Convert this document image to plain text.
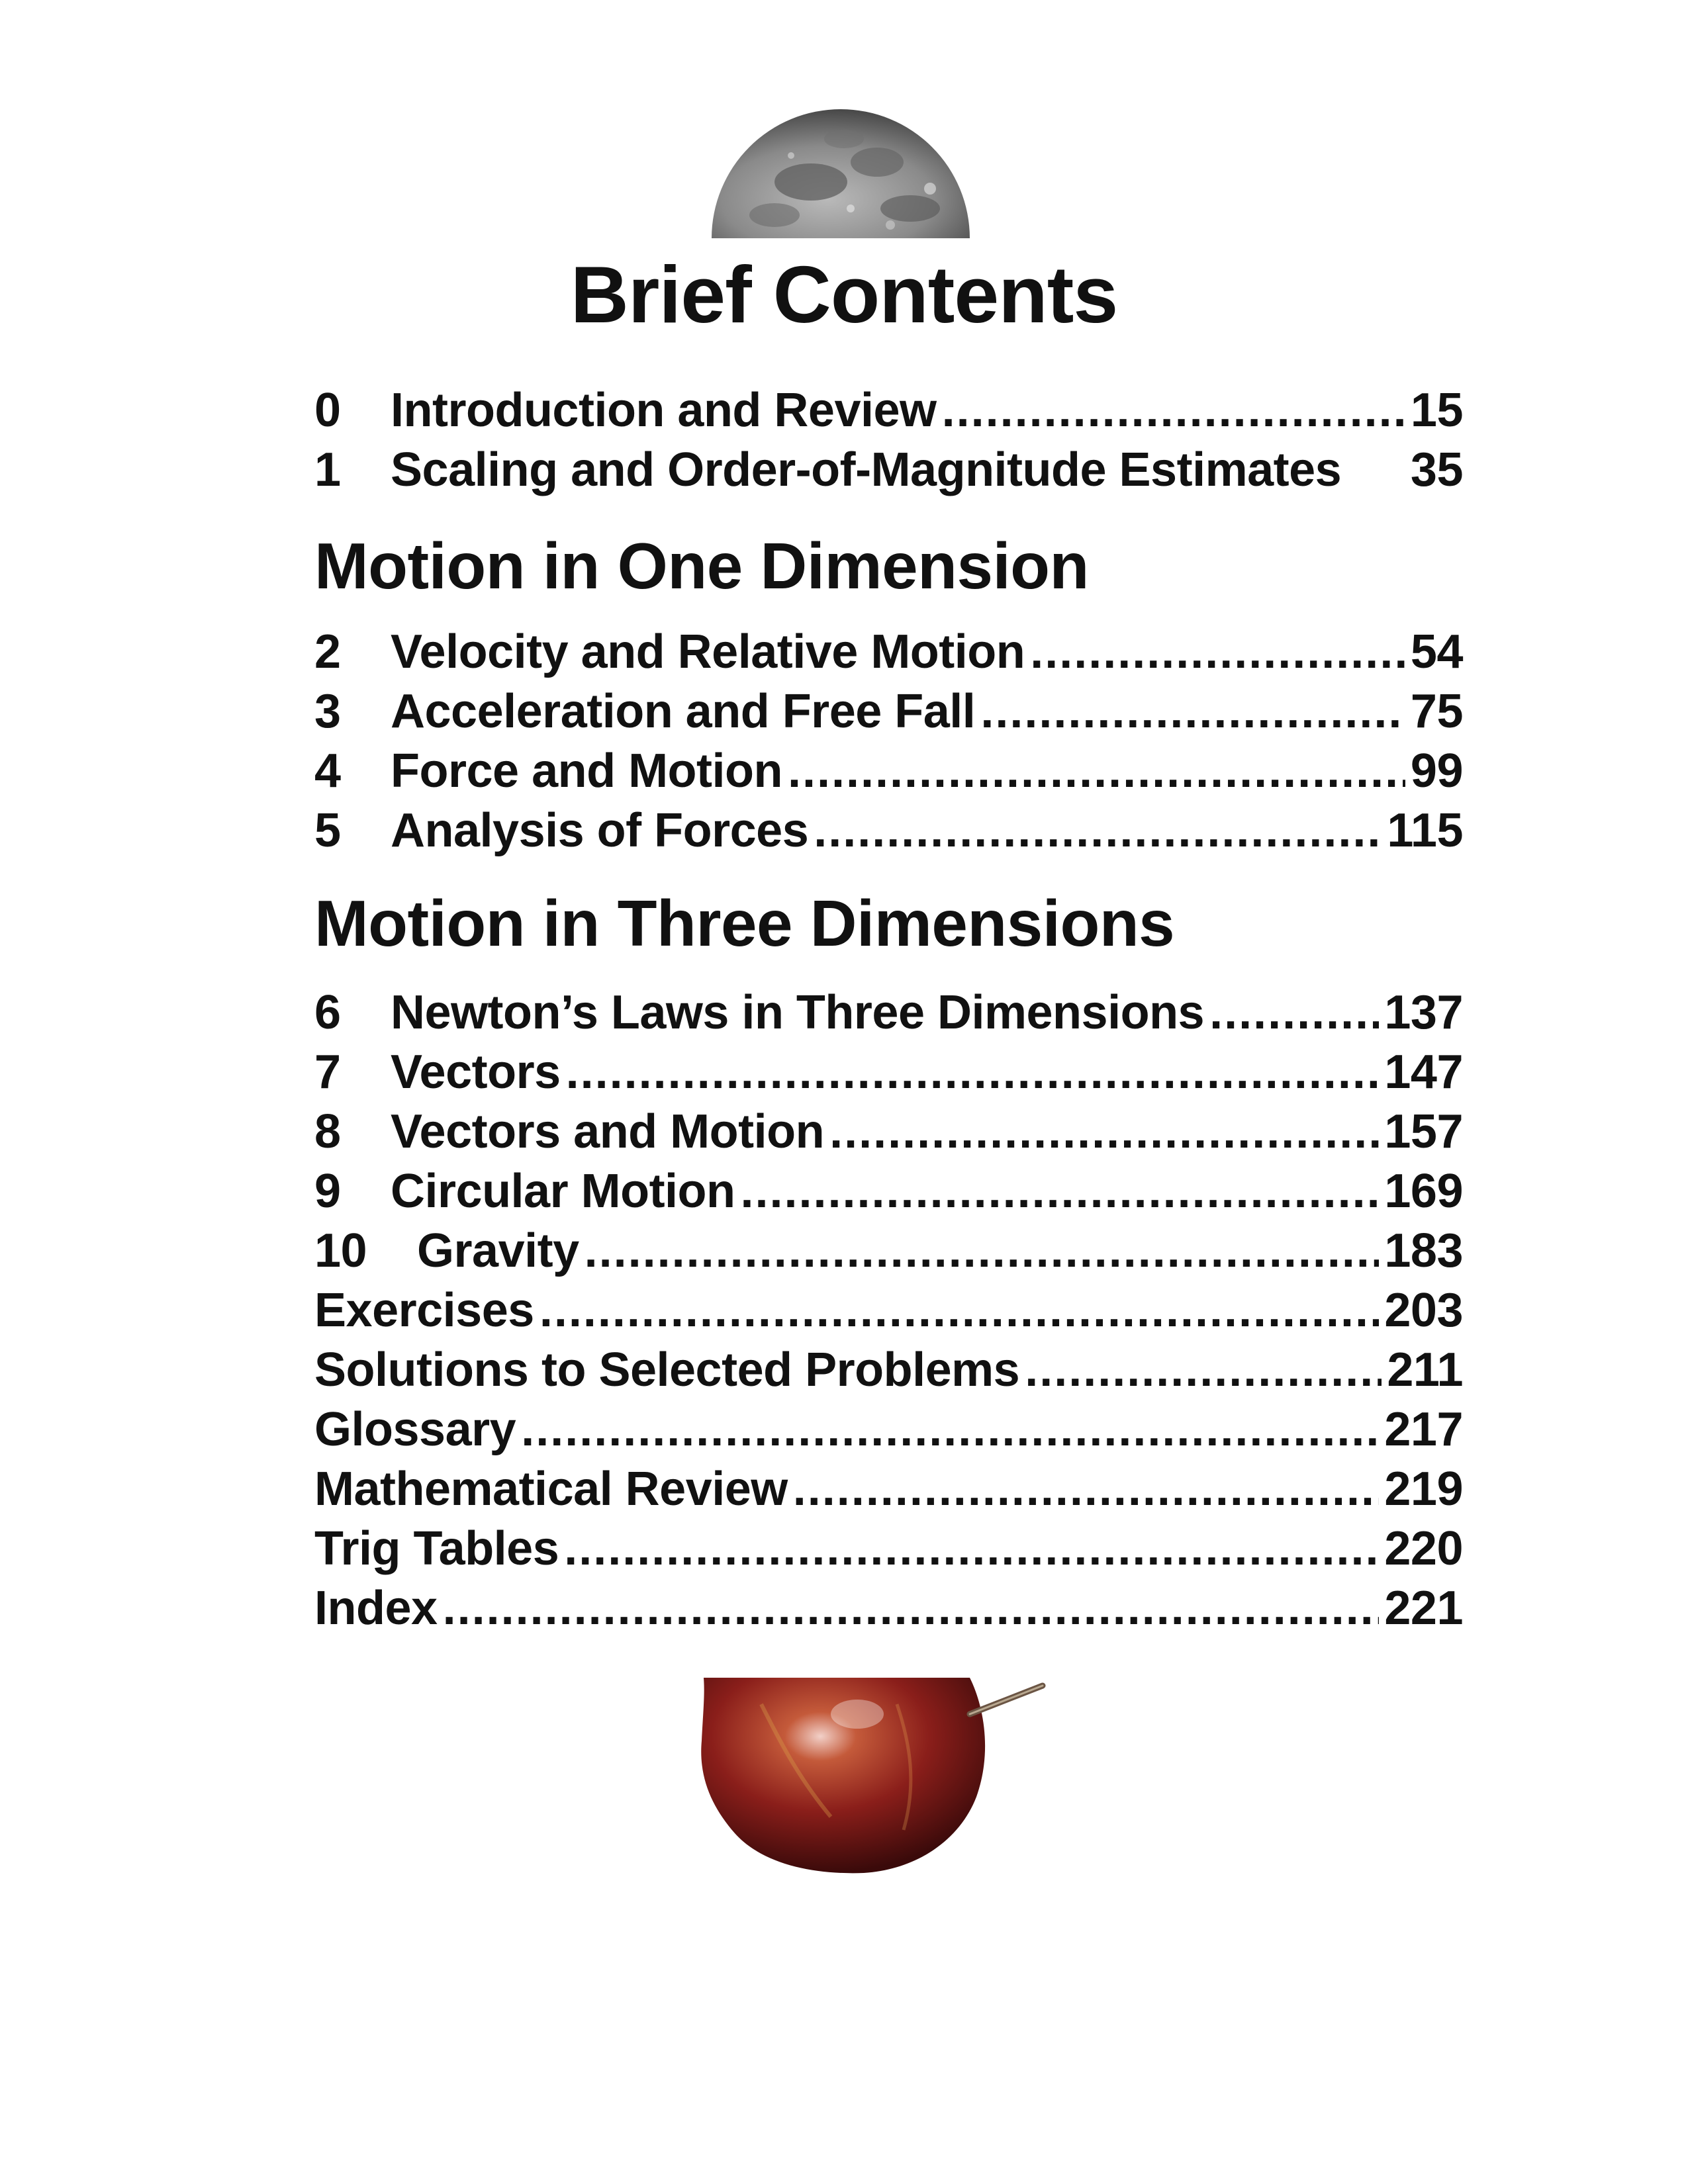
Brief Contents
0	Introduction and Review .....	15
1	Scaling and Order-of-Magnitude Estimates 35
Motion in One Dimension
2	Velocity and Relative Motion .....	54
3	Acceleration and Free Fall .....	75
4	Force and Motion .....	99
5	Analysis of Forces .....	115
Motion in Three Dimensions
6	Newton’s Laws in Three Dimensions .....	137
7	Vectors .....	147
8	Vectors and Motion .....	157
9	Circular Motion .....	169
10	Gravity .....	183
Exercises .....	203
Solutions to Selected Problems .....	211
Glossary .....	217
Mathematical Review .....	219
Trig Tables .....	220
Index .....	221
